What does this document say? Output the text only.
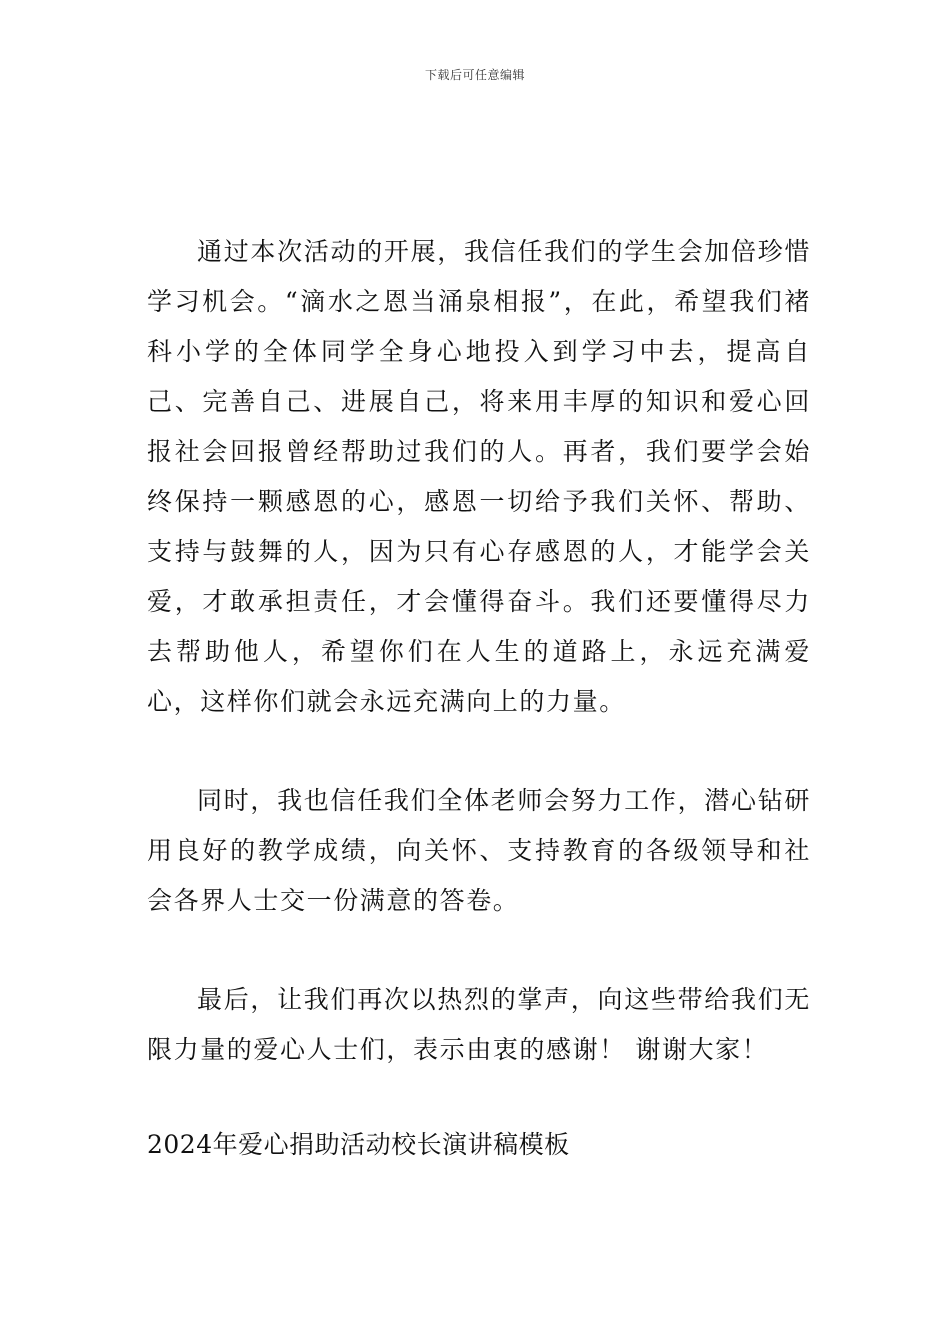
下载后可任意编辑

通过本次活动的开展，我信任我们的学生会加倍珍惜学习机会。“滴水之恩当涌泉相报”，在此，希望我们褚科小学的全体同学全身心地投入到学习中去，提高自己、完善自己、进展自己，将来用丰厚的知识和爱心回报社会回报曾经帮助过我们的人。再者，我们要学会始终保持一颗感恩的心，感恩一切给予我们关怀、帮助、支持与鼓舞的人，因为只有心存感恩的人，才能学会关爱，才敢承担责任，才会懂得奋斗。我们还要懂得尽力去帮助他人，希望你们在人生的道路上，永远充满爱心，这样你们就会永远充满向上的力量。

同时，我也信任我们全体老师会努力工作，潜心钻研用良好的教学成绩，向关怀、支持教育的各级领导和社会各界人士交一份满意的答卷。

最后，让我们再次以热烈的掌声，向这些带给我们无限力量的爱心人士们，表示由衷的感谢！ 谢谢大家！

2024年爱心捐助活动校长演讲稿模板
